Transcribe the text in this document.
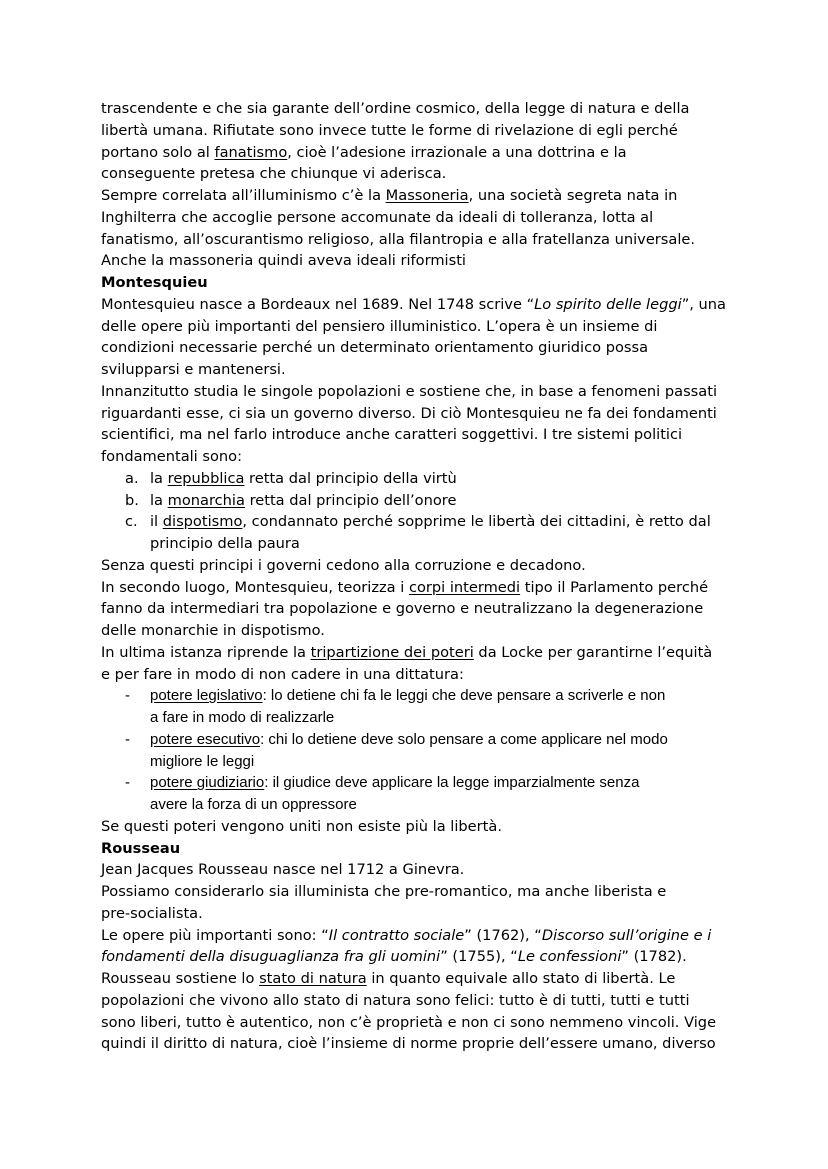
trascendente e che sia garante dell’ordine cosmico, della legge di natura e della

libertà umana. Rifiutate sono invece tutte le forme di rivelazione di egli perché

portano solo al fanatismo, cioè l’adesione irrazionale a una dottrina e la

conseguente pretesa che chiunque vi aderisca.

Sempre correlata all’illuminismo c’è la Massoneria, una società segreta nata in

Inghilterra che accoglie persone accomunate da ideali di tolleranza, lotta al

fanatismo, all’oscurantismo religioso, alla filantropia e alla fratellanza universale.

Anche la massoneria quindi aveva ideali riformisti

Montesquieu

Montesquieu nasce a Bordeaux nel 1689. Nel 1748 scrive “Lo spirito delle leggi”, una

delle opere più importanti del pensiero illuministico. L’opera è un insieme di

condizioni necessarie perché un determinato orientamento giuridico possa

svilupparsi e mantenersi.

Innanzitutto studia le singole popolazioni e sostiene che, in base a fenomeni passati

riguardanti esse, ci sia un governo diverso. Di ciò Montesquieu ne fa dei fondamenti

scientifici, ma nel farlo introduce anche caratteri soggettivi. I tre sistemi politici

fondamentali sono:

a. la repubblica retta dal principio della virtù
b. la monarchia retta dal principio dell’onore
c. il dispotismo, condannato perché sopprime le libertà dei cittadini, è retto dal
principio della paura

Senza questi principi i governi cedono alla corruzione e decadono.

In secondo luogo, Montesquieu, teorizza i corpi intermedi tipo il Parlamento perché

fanno da intermediari tra popolazione e governo e neutralizzano la degenerazione

delle monarchie in dispotismo.

In ultima istanza riprende la tripartizione dei poteri da Locke per garantirne l’equità

e per fare in modo di non cadere in una dittatura:

- potere legislativo: lo detiene chi fa le leggi che deve pensare a scriverle e non
a fare in modo di realizzarle
- potere esecutivo: chi lo detiene deve solo pensare a come applicare nel modo
migliore le leggi
- potere giudiziario: il giudice deve applicare la legge imparzialmente senza
avere la forza di un oppressore

Se questi poteri vengono uniti non esiste più la libertà.

Rousseau

Jean Jacques Rousseau nasce nel 1712 a Ginevra.

Possiamo considerarlo sia illuminista che pre-romantico, ma anche liberista e

pre-socialista.

Le opere più importanti sono: “Il contratto sociale” (1762), “Discorso sull’origine e i

fondamenti della disuguaglianza fra gli uomini” (1755), “Le confessioni” (1782).

Rousseau sostiene lo stato di natura in quanto equivale allo stato di libertà. Le

popolazioni che vivono allo stato di natura sono felici: tutto è di tutti, tutti e tutti

sono liberi, tutto è autentico, non c’è proprietà e non ci sono nemmeno vincoli. Vige

quindi il diritto di natura, cioè l’insieme di norme proprie dell’essere umano, diverso
